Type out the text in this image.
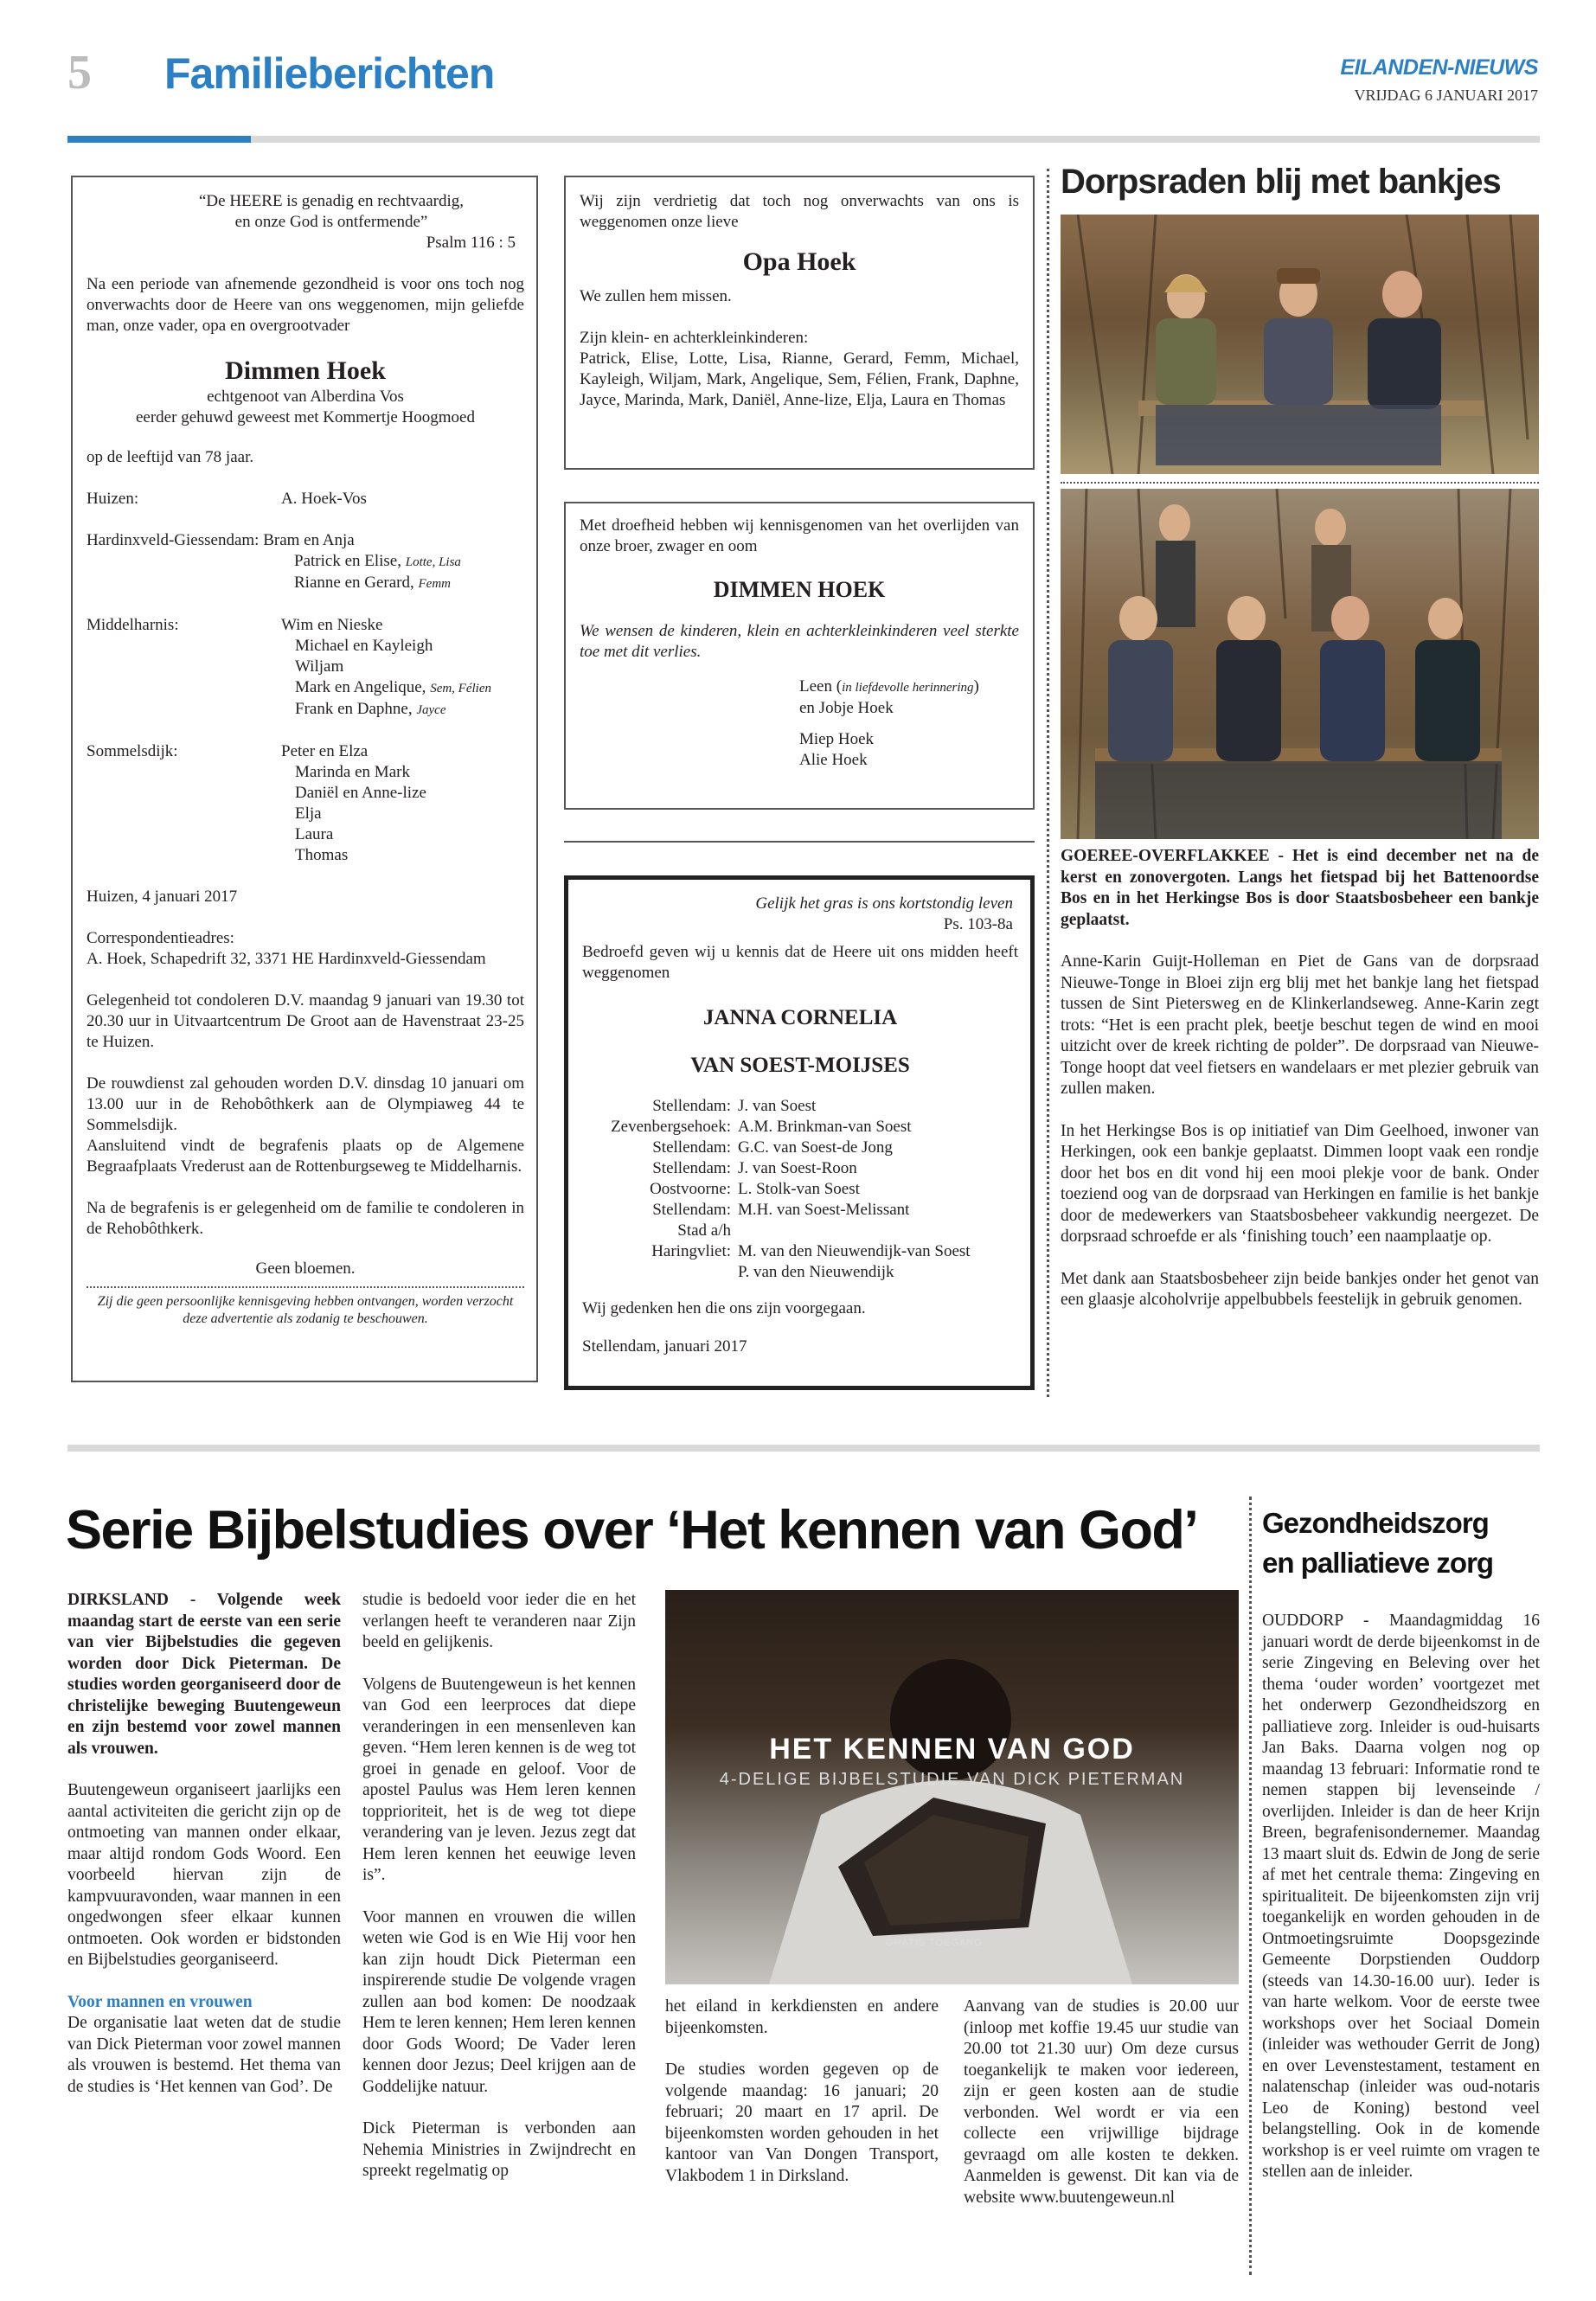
5 Familieberichten	EILANDEN-NIEUWS
VRIJDAG 6 JANUARI 2017

“De HEERE is genadig en rechtvaardig,

en onze God is ontfermende”

Psalm 116 : 5

Na een periode van afnemende gezondheid is voor ons toch nog onverwachts door de Heere van ons weggenomen, mijn geliefde man, onze vader, opa en overgrootvader

Dimmen Hoek

echtgenoot van Alberdina Vos

eerder gehuwd geweest met Kommertje Hoogmoed

op de leeftijd van 78 jaar.

Huizen:	A. Hoek-Vos
Hardinxveld-Giessendam: Bram en Anja
Patrick en Elise, Lotte, Lisa
Rianne en Gerard, Femm
Middelharnis:	Wim en Nieske
Michael en Kayleigh
Wiljam
Mark en Angelique, Sem, Félien
Frank en Daphne, Jayce
Sommelsdijk:	Peter en Elza
Marinda en Mark
Daniël en Anne-lize
Elja
Laura
Thomas

Huizen, 4 januari 2017

Correspondentieadres:

A. Hoek, Schapedrift 32, 3371 HE Hardinxveld-Giessendam

Gelegenheid tot condoleren D.V. maandag 9 januari van 19.30 tot 20.30 uur in Uitvaartcentrum De Groot aan de Havenstraat 23-25 te Huizen.

De rouwdienst zal gehouden worden D.V. dinsdag 10 januari om 13.00 uur in de Rehobôthkerk aan de Olympiaweg 44 te Sommelsdijk.

Aansluitend vindt de begrafenis plaats op de Algemene Begraafplaats Vrederust aan de Rottenburgseweg te Middelharnis.

Na de begrafenis is er gelegenheid om de familie te condoleren in de Rehobôthkerk.

Geen bloemen.

Zij die geen persoonlijke kennisgeving hebben ontvangen, worden verzocht deze advertentie als zodanig te beschouwen.

Wij zijn verdrietig dat toch nog onverwachts van ons is weggenomen onze lieve

Opa Hoek

We zullen hem missen.

Zijn klein- en achterkleinkinderen:

Patrick, Elise, Lotte, Lisa, Rianne, Gerard, Femm, Michael, Kayleigh, Wiljam, Mark, Angelique, Sem, Félien, Frank, Daphne, Jayce, Marinda, Mark, Daniël, Anne-lize, Elja, Laura en Thomas

Met droefheid hebben wij kennisgenomen van het overlijden van onze broer, zwager en oom

DIMMEN HOEK

We wensen de kinderen, klein en achterkleinkinderen veel sterkte toe met dit verlies.

Leen (in liefdevolle herinnering)
en Jobje Hoek
Miep Hoek
Alie Hoek

Gelijk het gras is ons kortstondig leven

Ps. 103-8a

Bedroefd geven wij u kennis dat de Heere uit ons midden heeft weggenomen

JANNA CORNELIA

VAN SOEST-MOIJSES

Stellendam: J. van Soest
Zevenbergsehoek: A.M. Brinkman-van Soest
Stellendam: G.C. van Soest-de Jong
Stellendam: J. van Soest-Roon
Oostvoorne: L. Stolk-van Soest
Stellendam: M.H. van Soest-Melissant
Stad a/h
Haringvliet: M. van den Nieuwendijk-van Soest
P. van den Nieuwendijk

Wij gedenken hen die ons zijn voorgegaan.

Stellendam, januari 2017

Dorpsraden blij met bankjes

GOEREE-OVERFLAKKEE - Het is eind december net na de kerst en zonovergoten. Langs het fietspad bij het Battenoordse Bos en in het Herkingse Bos is door Staatsbosbeheer een bankje geplaatst.

Anne-Karin Guijt-Holleman en Piet de Gans van de dorpsraad Nieuwe-Tonge in Bloei zijn erg blij met het bankje lang het fietspad tussen de Sint Pietersweg en de Klinkerlandseweg. Anne-Karin zegt trots: “Het is een pracht plek, beetje beschut tegen de wind en mooi uitzicht over de kreek richting de polder”. De dorpsraad van Nieuwe-Tonge hoopt dat veel fietsers en wandelaars er met plezier gebruik van zullen maken.

In het Herkingse Bos is op initiatief van Dim Geelhoed, inwoner van Herkingen, ook een bankje geplaatst. Dimmen loopt vaak een rondje door het bos en dit vond hij een mooi plekje voor de bank. Onder toeziend oog van de dorpsraad van Herkingen en familie is het bankje door de medewerkers van Staatsbosbeheer vakkundig neergezet. De dorpsraad schroefde er als ‘finishing touch’ een naamplaatje op.

Met dank aan Staatsbosbeheer zijn beide bankjes onder het genot van een glaasje alcoholvrije appelbubbels feestelijk in gebruik genomen.

Serie Bijbelstudies over ‘Het kennen van God’

DIRKSLAND - Volgende week maandag start de eerste van een serie van vier Bijbelstudies die gegeven worden door Dick Pieterman. De studies worden georganiseerd door de christelijke beweging Buutengeweun en zijn bestemd voor zowel mannen als vrouwen.

Buutengeweun organiseert jaarlijks een aantal activiteiten die gericht zijn op de ontmoeting van mannen onder elkaar, maar altijd rondom Gods Woord. Een voorbeeld hiervan zijn de kampvuuravonden, waar mannen in een ongedwongen sfeer elkaar kunnen ontmoeten. Ook worden er bidstonden en Bijbelstudies georganiseerd.

Voor mannen en vrouwen

De organisatie laat weten dat de studie van Dick Pieterman voor zowel mannen als vrouwen is bestemd. Het thema van de studies is ‘Het kennen van God’. De

studie is bedoeld voor ieder die en het verlangen heeft te veranderen naar Zijn beeld en gelijkenis.

Volgens de Buutengeweun is het kennen van God een leerproces dat diepe veranderingen in een mensenleven kan geven. “Hem leren kennen is de weg tot groei in genade en geloof. Voor de apostel Paulus was Hem leren kennen topprioriteit, het is de weg tot diepe verandering van je leven. Jezus zegt dat Hem leren kennen het eeuwige leven is”.

Voor mannen en vrouwen die willen weten wie God is en Wie Hij voor hen kan zijn houdt Dick Pieterman een inspirerende studie De volgende vragen zullen aan bod komen: De noodzaak Hem te leren kennen; Hem leren kennen door Gods Woord; De Vader leren kennen door Jezus; Deel krijgen aan de Goddelijke natuur.

Dick Pieterman is verbonden aan Nehemia Ministries in Zwijndrecht en spreekt regelmatig op

HET KENNEN VAN GOD
4-DELIGE BIJBELSTUDIE VAN DICK PIETERMAN
GRATIS TOEGANG

het eiland in kerkdiensten en andere bijeenkomsten.

De studies worden gegeven op de volgende maandag: 16 januari; 20 februari; 20 maart en 17 april. De bijeenkomsten worden gehouden in het kantoor van Van Dongen Transport, Vlakbodem 1 in Dirksland.

Aanvang van de studies is 20.00 uur (inloop met koffie 19.45 uur studie van 20.00 tot 21.30 uur) Om deze cursus toegankelijk te maken voor iedereen, zijn er geen kosten aan de studie verbonden. Wel wordt er via een collecte een vrijwillige bijdrage gevraagd om alle kosten te dekken. Aanmelden is gewenst. Dit kan via de website www.buutengeweun.nl

Gezondheidszorg
en palliatieve zorg

OUDDORP - Maandagmiddag 16 januari wordt de derde bijeenkomst in de serie Zingeving en Beleving over het thema ‘ouder worden’ voortgezet met het onderwerp Gezondheidszorg en palliatieve zorg. Inleider is oud-huisarts Jan Baks. Daarna volgen nog op maandag 13 februari: Informatie rond te nemen stappen bij levenseinde / overlijden. Inleider is dan de heer Krijn Breen, begrafenisondernemer. Maandag 13 maart sluit ds. Edwin de Jong de serie af met het centrale thema: Zingeving en spiritualiteit. De bijeenkomsten zijn vrij toegankelijk en worden gehouden in de Ontmoetingsruimte Doopsgezinde Gemeente Dorpstienden Ouddorp (steeds van 14.30-16.00 uur). Ieder is van harte welkom. Voor de eerste twee workshops over het Sociaal Domein (inleider was wethouder Gerrit de Jong) en over Levenstestament, testament en nalatenschap (inleider was oud-notaris Leo de Koning) bestond veel belangstelling. Ook in de komende workshop is er veel ruimte om vragen te stellen aan de inleider.
